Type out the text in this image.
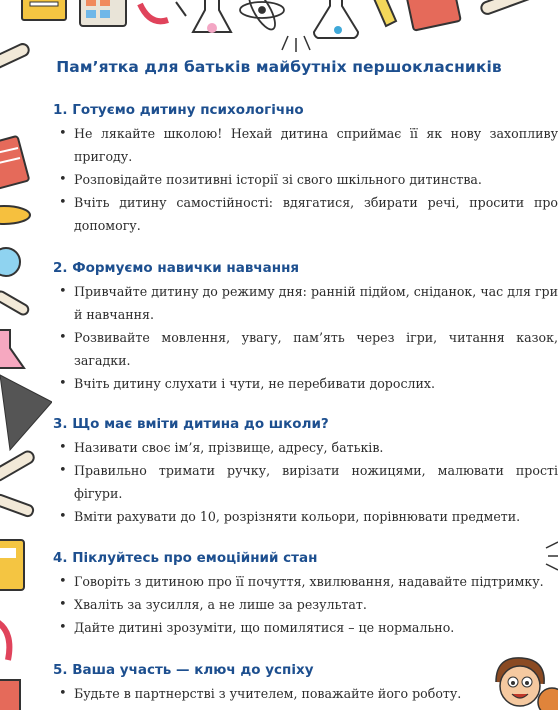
Пам’ятка для батьків майбутніх першокласників
1. Готуємо дитину психологічно
• Не лякайте школою! Нехай дитина сприймає її як нову захопливу пригоду.
• Розповідайте позитивні історії зі свого шкільного дитинства.
• Вчіть дитину самостійності: вдягатися, збирати речі, просити про допомогу.
2. Формуємо навички навчання
• Привчайте дитину до режиму дня: ранній підйом, сніданок, час для гри й навчання.
• Розвивайте мовлення, увагу, пам’ять через ігри, читання казок, загадки.
• Вчіть дитину слухати і чути, не перебивати дорослих.
3. Що має вміти дитина до школи?
• Називати своє ім’я, прізвище, адресу, батьків.
• Правильно тримати ручку, вирізати ножицями, малювати прості фігури.
• Вміти рахувати до 10, розрізняти кольори, порівнювати предмети.
4. Піклуйтесь про емоційний стан
• Говоріть з дитиною про її почуття, хвилювання, надавайте підтримку.
• Хваліть за зусилля, а не лише за результат.
• Дайте дитині зрозуміти, що помилятися – це нормально.
5. Ваша участь — ключ до успіху
• Будьте в партнерстві з учителем, поважайте його роботу.
